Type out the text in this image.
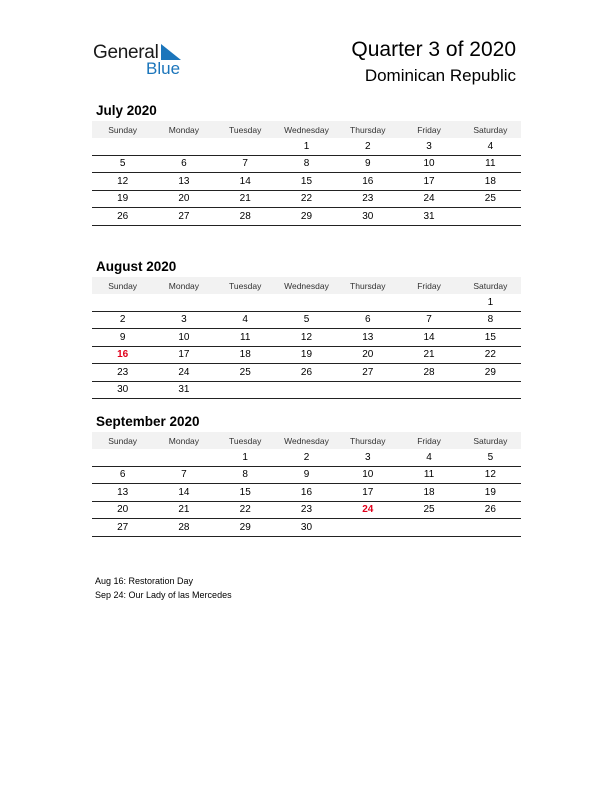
General
Blue
Quarter 3 of 2020
Dominican Republic
July 2020
Sunday	Monday	Tuesday	Wednesday	Thursday	Friday	Saturday
			1	2	3	4
5	6	7	8	9	10	11
12	13	14	15	16	17	18
19	20	21	22	23	24	25
26	27	28	29	30	31	
August 2020
Sunday	Monday	Tuesday	Wednesday	Thursday	Friday	Saturday
						1
2	3	4	5	6	7	8
9	10	11	12	13	14	15
16	17	18	19	20	21	22
23	24	25	26	27	28	29
30	31					
September 2020
Sunday	Monday	Tuesday	Wednesday	Thursday	Friday	Saturday
		1	2	3	4	5
6	7	8	9	10	11	12
13	14	15	16	17	18	19
20	21	22	23	24	25	26
27	28	29	30			
Aug 16: Restoration Day
Sep 24: Our Lady of las Mercedes
